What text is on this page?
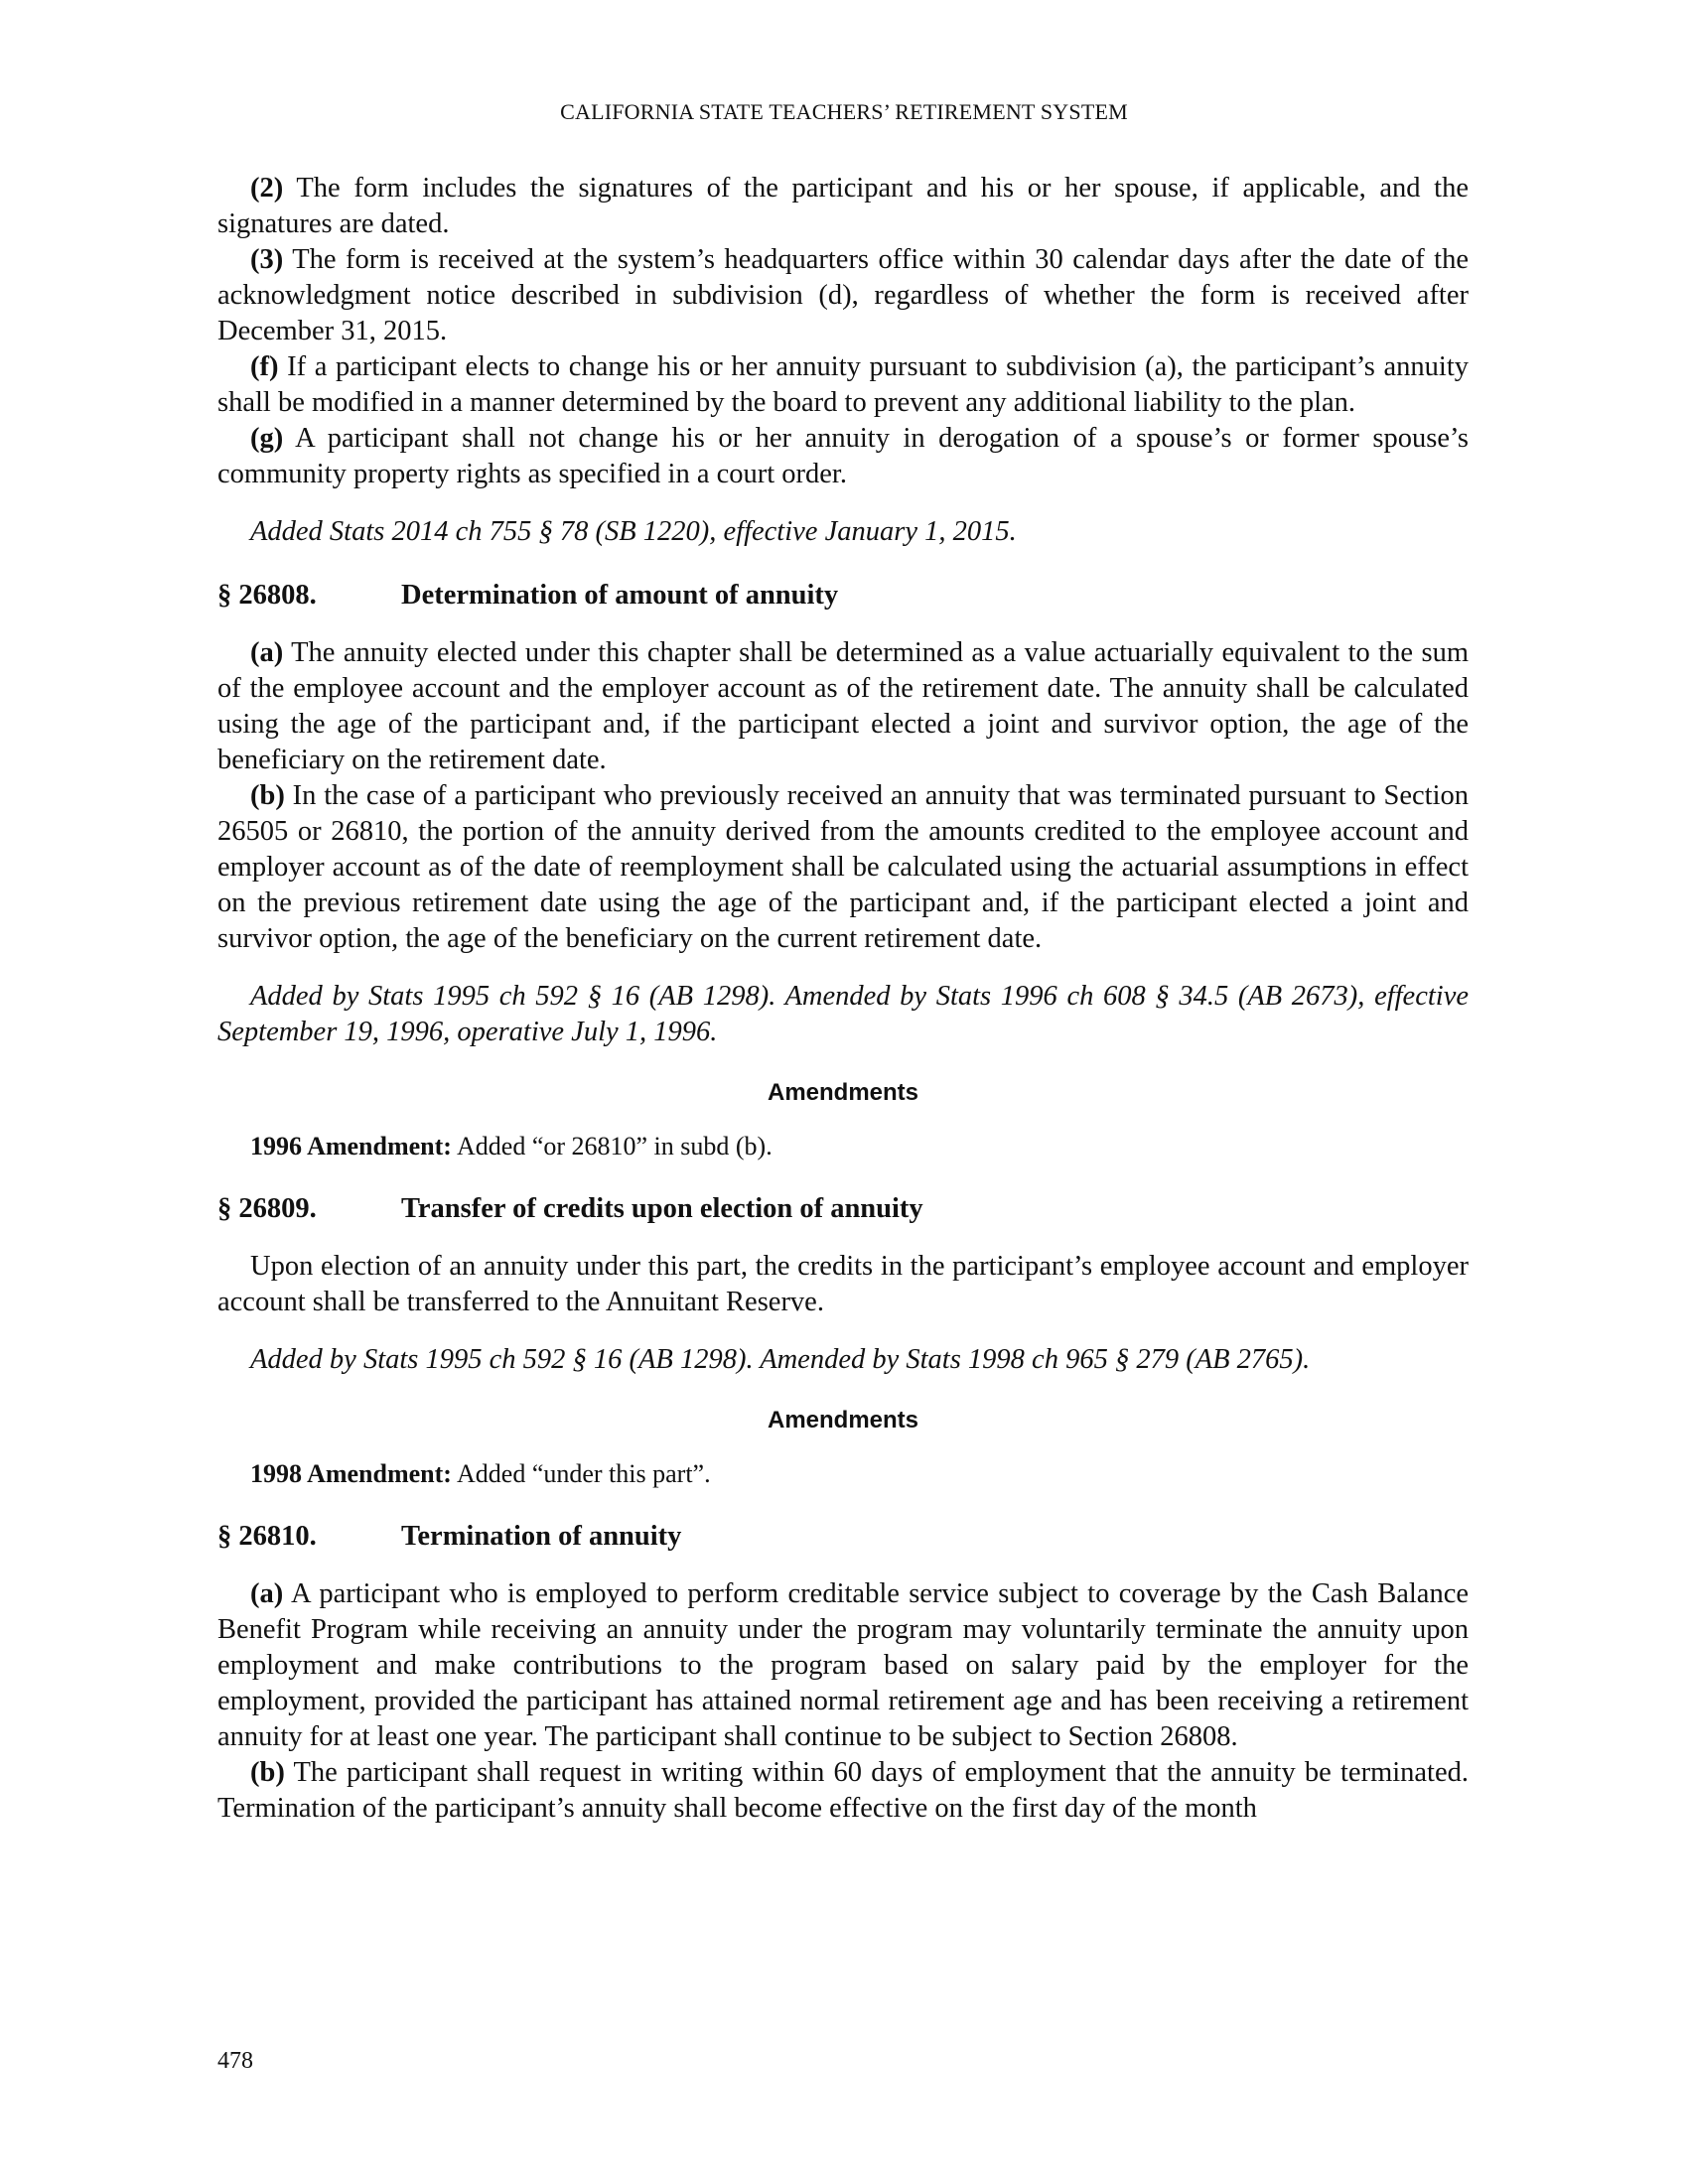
CALIFORNIA STATE TEACHERS’ RETIREMENT SYSTEM

(2) The form includes the signatures of the participant and his or her spouse, if applicable, and the signatures are dated.

(3) The form is received at the system’s headquarters office within 30 calendar days after the date of the acknowledgment notice described in subdivision (d), regardless of whether the form is received after December 31, 2015.

(f) If a participant elects to change his or her annuity pursuant to subdivision (a), the participant’s annuity shall be modified in a manner determined by the board to prevent any additional liability to the plan.

(g) A participant shall not change his or her annuity in derogation of a spouse’s or former spouse’s community property rights as specified in a court order.

Added Stats 2014 ch 755 § 78 (SB 1220), effective January 1, 2015.

§ 26808.	Determination of amount of annuity

(a) The annuity elected under this chapter shall be determined as a value actuarially equivalent to the sum of the employee account and the employer account as of the retirement date. The annuity shall be calculated using the age of the participant and, if the participant elected a joint and survivor option, the age of the beneficiary on the retirement date.

(b) In the case of a participant who previously received an annuity that was terminated pursuant to Section 26505 or 26810, the portion of the annuity derived from the amounts credited to the employee account and employer account as of the date of reemployment shall be calculated using the actuarial assumptions in effect on the previous retirement date using the age of the participant and, if the participant elected a joint and survivor option, the age of the beneficiary on the current retirement date.

Added by Stats 1995 ch 592 § 16 (AB 1298). Amended by Stats 1996 ch 608 § 34.5 (AB 2673), effective September 19, 1996, operative July 1, 1996.

Amendments

1996 Amendment: Added “or 26810” in subd (b).

§ 26809.	Transfer of credits upon election of annuity

Upon election of an annuity under this part, the credits in the participant’s employee account and employer account shall be transferred to the Annuitant Reserve.

Added by Stats 1995 ch 592 § 16 (AB 1298). Amended by Stats 1998 ch 965 § 279 (AB 2765).

Amendments

1998 Amendment: Added “under this part”.

§ 26810.	Termination of annuity

(a) A participant who is employed to perform creditable service subject to coverage by the Cash Balance Benefit Program while receiving an annuity under the program may voluntarily terminate the annuity upon employment and make contributions to the program based on salary paid by the employer for the employment, provided the participant has attained normal retirement age and has been receiving a retirement annuity for at least one year. The participant shall continue to be subject to Section 26808.

(b) The participant shall request in writing within 60 days of employment that the annuity be terminated. Termination of the participant’s annuity shall become effective on the first day of the month

478
